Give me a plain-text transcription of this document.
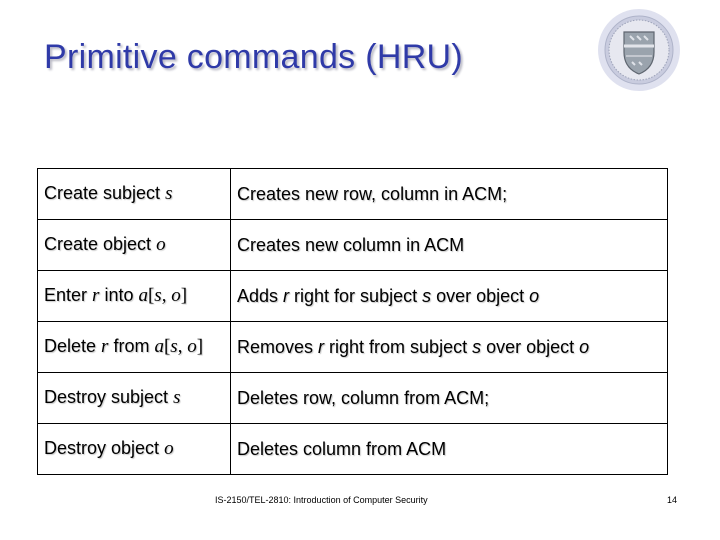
Primitive commands (HRU)
Create subject s	Creates new row, column in ACM;
Create object o	Creates new column in ACM
Enter r into a[s, o]	Adds r right for subject s over object o
Delete r from a[s, o]	Removes r right from subject s over object o
Destroy subject s	Deletes row, column from ACM;
Destroy object o	Deletes column from ACM
IS-2150/TEL-2810: Introduction of Computer Security	14
